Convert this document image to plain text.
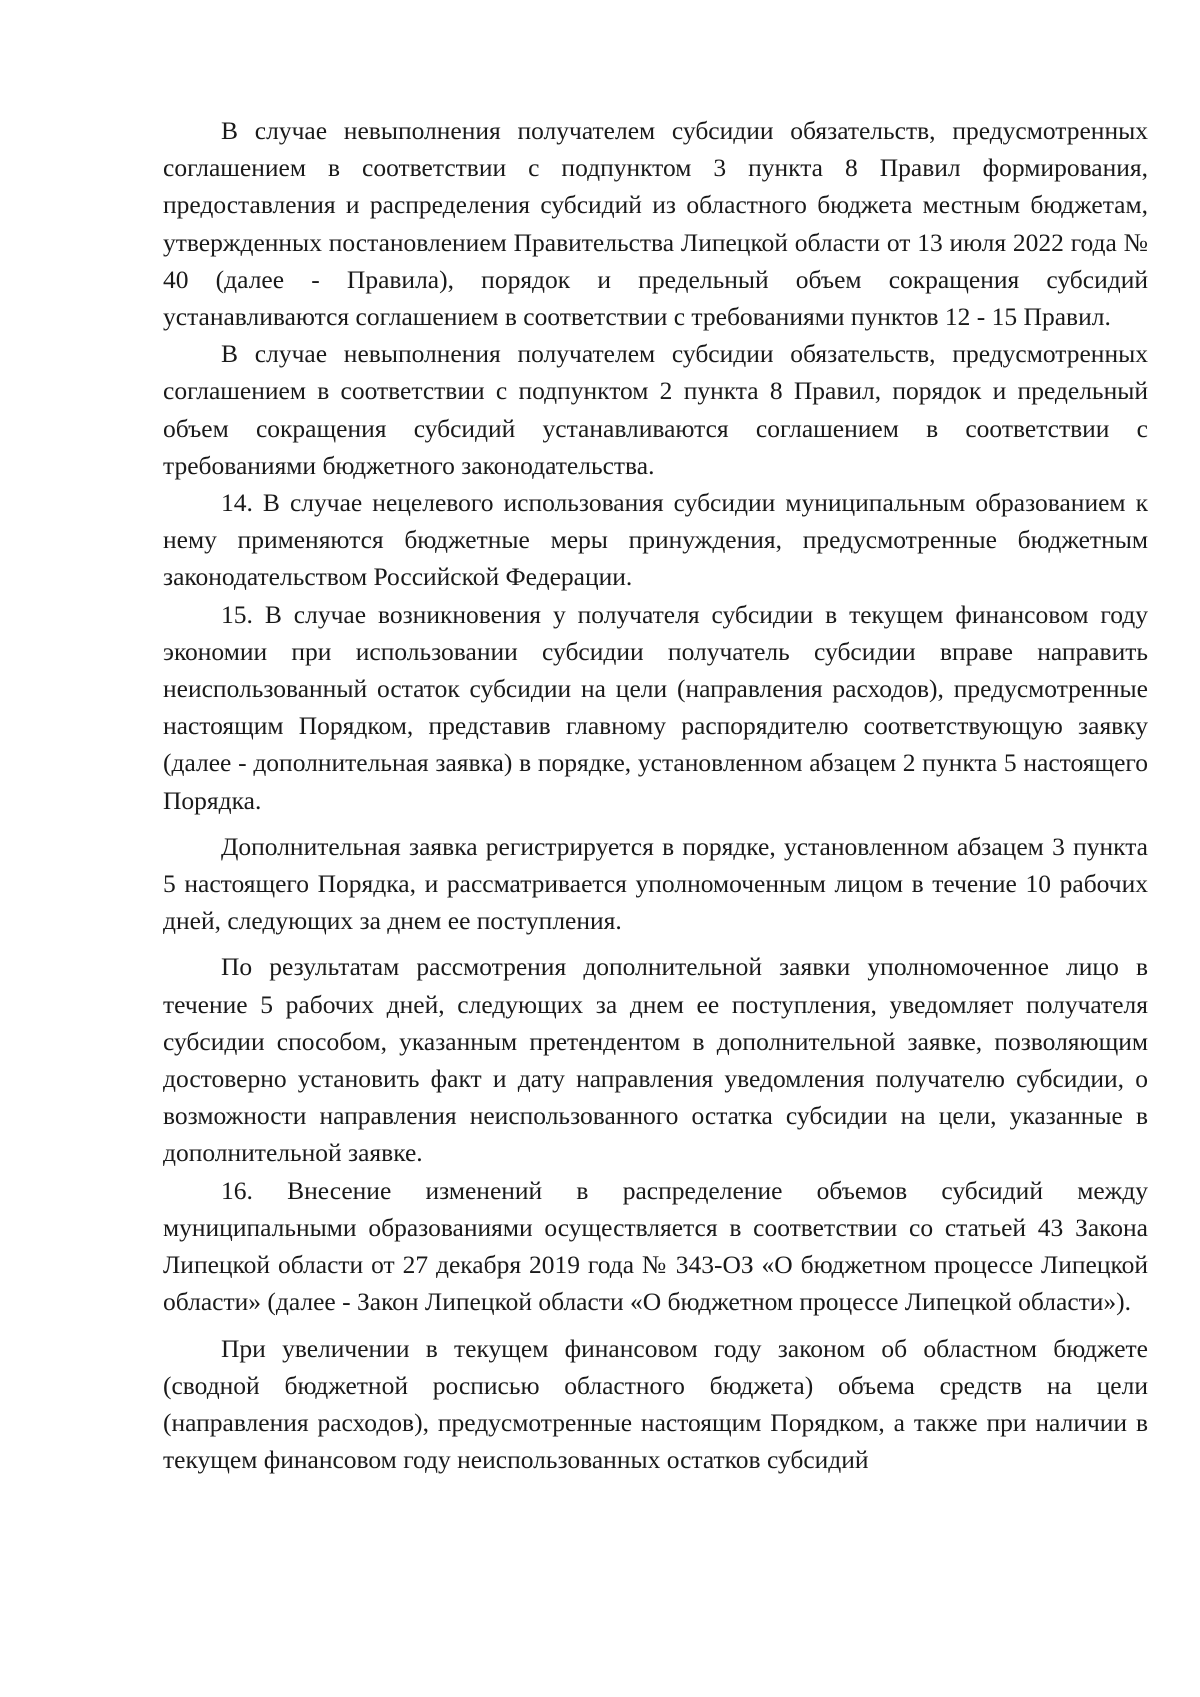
В случае невыполнения получателем субсидии обязательств, предусмотренных соглашением в соответствии с подпунктом 3 пункта 8 Правил формирования, предоставления и распределения субсидий из областного бюджета местным бюджетам, утвержденных постановлением Правительства Липецкой области от 13 июля 2022 года № 40 (далее - Правила), порядок и предельный объем сокращения субсидий устанавливаются соглашением в соответствии с требованиями пунктов 12 - 15 Правил.

В случае невыполнения получателем субсидии обязательств, предусмотренных соглашением в соответствии с подпунктом 2 пункта 8 Правил, порядок и предельный объем сокращения субсидий устанавливаются соглашением в соответствии с требованиями бюджетного законодательства.

14. В случае нецелевого использования субсидии муниципальным образованием к нему применяются бюджетные меры принуждения, предусмотренные бюджетным законодательством Российской Федерации.

15. В случае возникновения у получателя субсидии в текущем финансовом году экономии при использовании субсидии получатель субсидии вправе направить неиспользованный остаток субсидии на цели (направления расходов), предусмотренные настоящим Порядком, представив главному распорядителю соответствующую заявку (далее - дополнительная заявка) в порядке, установленном абзацем 2 пункта 5 настоящего Порядка.

Дополнительная заявка регистрируется в порядке, установленном абзацем 3 пункта 5 настоящего Порядка, и рассматривается уполномоченным лицом в течение 10 рабочих дней, следующих за днем ее поступления.

По результатам рассмотрения дополнительной заявки уполномоченное лицо в течение 5 рабочих дней, следующих за днем ее поступления, уведомляет получателя субсидии способом, указанным претендентом в дополнительной заявке, позволяющим достоверно установить факт и дату направления уведомления получателю субсидии, о возможности направления неиспользованного остатка субсидии на цели, указанные в дополнительной заявке.

16. Внесение изменений в распределение объемов субсидий между муниципальными образованиями осуществляется в соответствии со статьей 43 Закона Липецкой области от 27 декабря 2019 года № 343-ОЗ «О бюджетном процессе Липецкой области» (далее - Закон Липецкой области «О бюджетном процессе Липецкой области»).

При увеличении в текущем финансовом году законом об областном бюджете (сводной бюджетной росписью областного бюджета) объема средств на цели (направления расходов), предусмотренные настоящим Порядком, а также при наличии в текущем финансовом году неиспользованных остатков субсидий
